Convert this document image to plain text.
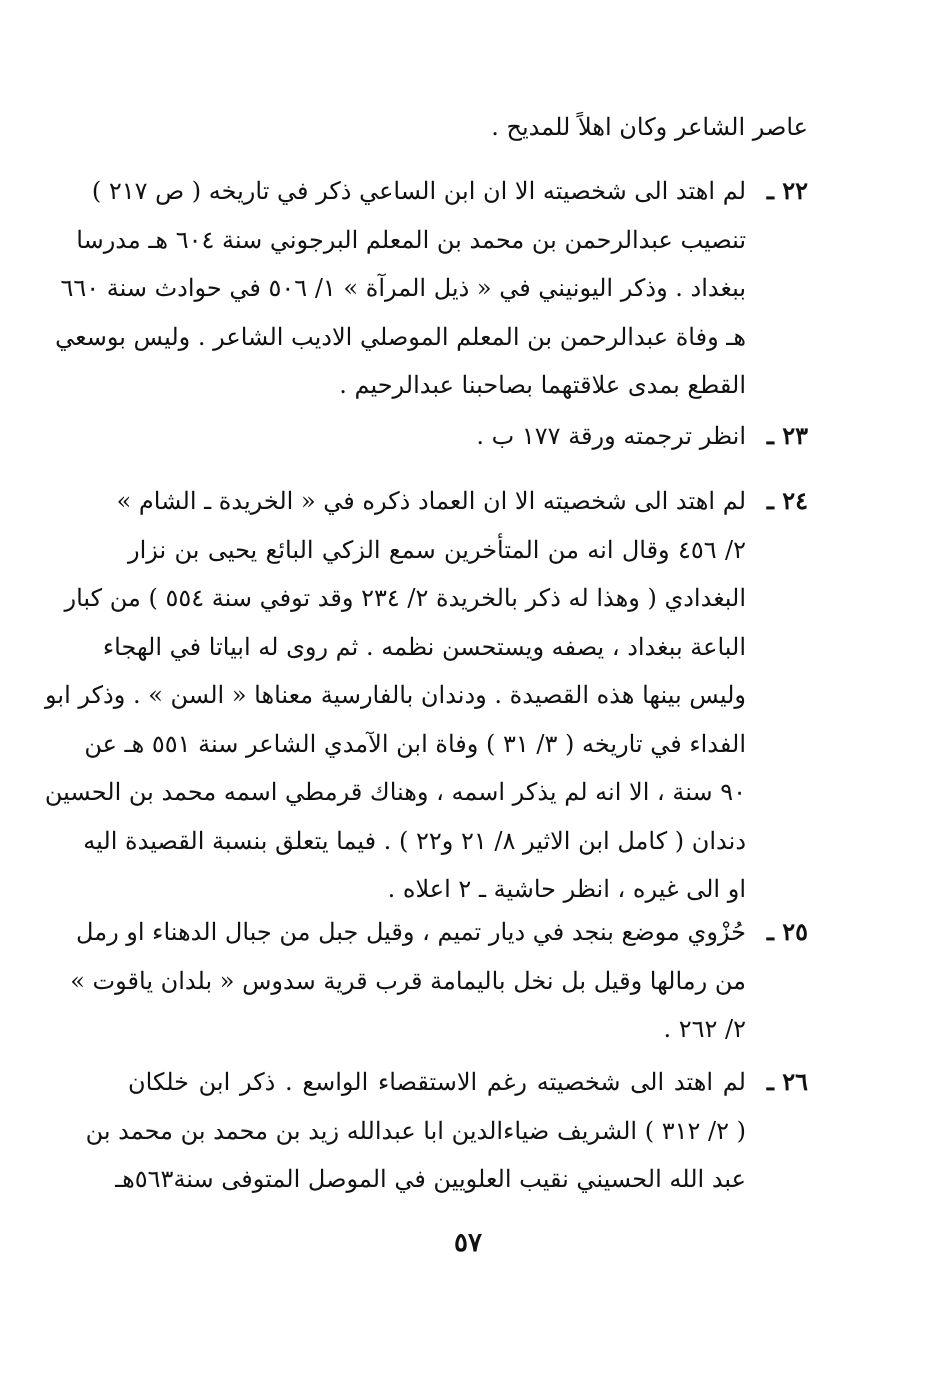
عاصر الشاعر وكان اهلاً للمديح .
٢٢ ـ
لم اهتد الى شخصيته الا ان ابن الساعي ذكر في تاريخه ( ص ٢١٧ )
تنصيب عبدالرحمن بن محمد بن المعلم البرجوني سنة ٦٠٤ هـ مدرسا
ببغداد . وذكر اليونيني في « ذيل المرآة » ١/ ٥٠٦ في حوادث سنة ٦٦٠
هـ وفاة عبدالرحمن بن المعلم الموصلي الاديب الشاعر . وليس بوسعي
القطع بمدى علاقتهما بصاحبنا عبدالرحيم .
٢٣ ـ
انظر ترجمته ورقة ١٧٧ ب .
٢٤ ـ
لم اهتد الى شخصيته الا ان العماد ذكره في « الخريدة ـ الشام »
٢/ ٤٥٦ وقال انه من المتأخرين سمع الزكي البائع يحيى بن نزار
البغدادي ( وهذا له ذكر بالخريدة ٢/ ٢٣٤ وقد توفي سنة ٥٥٤ ) من كبار
الباعة ببغداد ، يصفه ويستحسن نظمه . ثم روى له ابياتا في الهجاء
وليس بينها هذه القصيدة . ودندان بالفارسية معناها « السن » . وذكر ابو
الفداء في تاريخه ( ٣/ ٣١ ) وفاة ابن الآمدي الشاعر سنة ٥٥١ هـ عن
٩٠ سنة ، الا انه لم يذكر اسمه ، وهناك قرمطي اسمه محمد بن الحسين
دندان ( كامل ابن الاثير ٨/ ٢١ و٢٢ ) . فيما يتعلق بنسبة القصيدة اليه
او الى غيره ، انظر حاشية ـ ٢ اعلاه .
٢٥ ـ
حُزْوي موضع بنجد في ديار تميم ، وقيل جبل من جبال الدهناء او رمل
من رمالها وقيل بل نخل باليمامة قرب قرية سدوس « بلدان ياقوت »
٢/ ٢٦٢ .
٢٦ ـ
لم اهتد الى شخصيته رغم الاستقصاء الواسع . ذكر ابن خلكان
( ٢/ ٣١٢ ) الشريف ضياءالدين ابا عبدالله زيد بن محمد بن محمد بن
عبد الله الحسيني نقيب العلويين في الموصل المتوفى سنة٥٦٣هـ
٥٧
